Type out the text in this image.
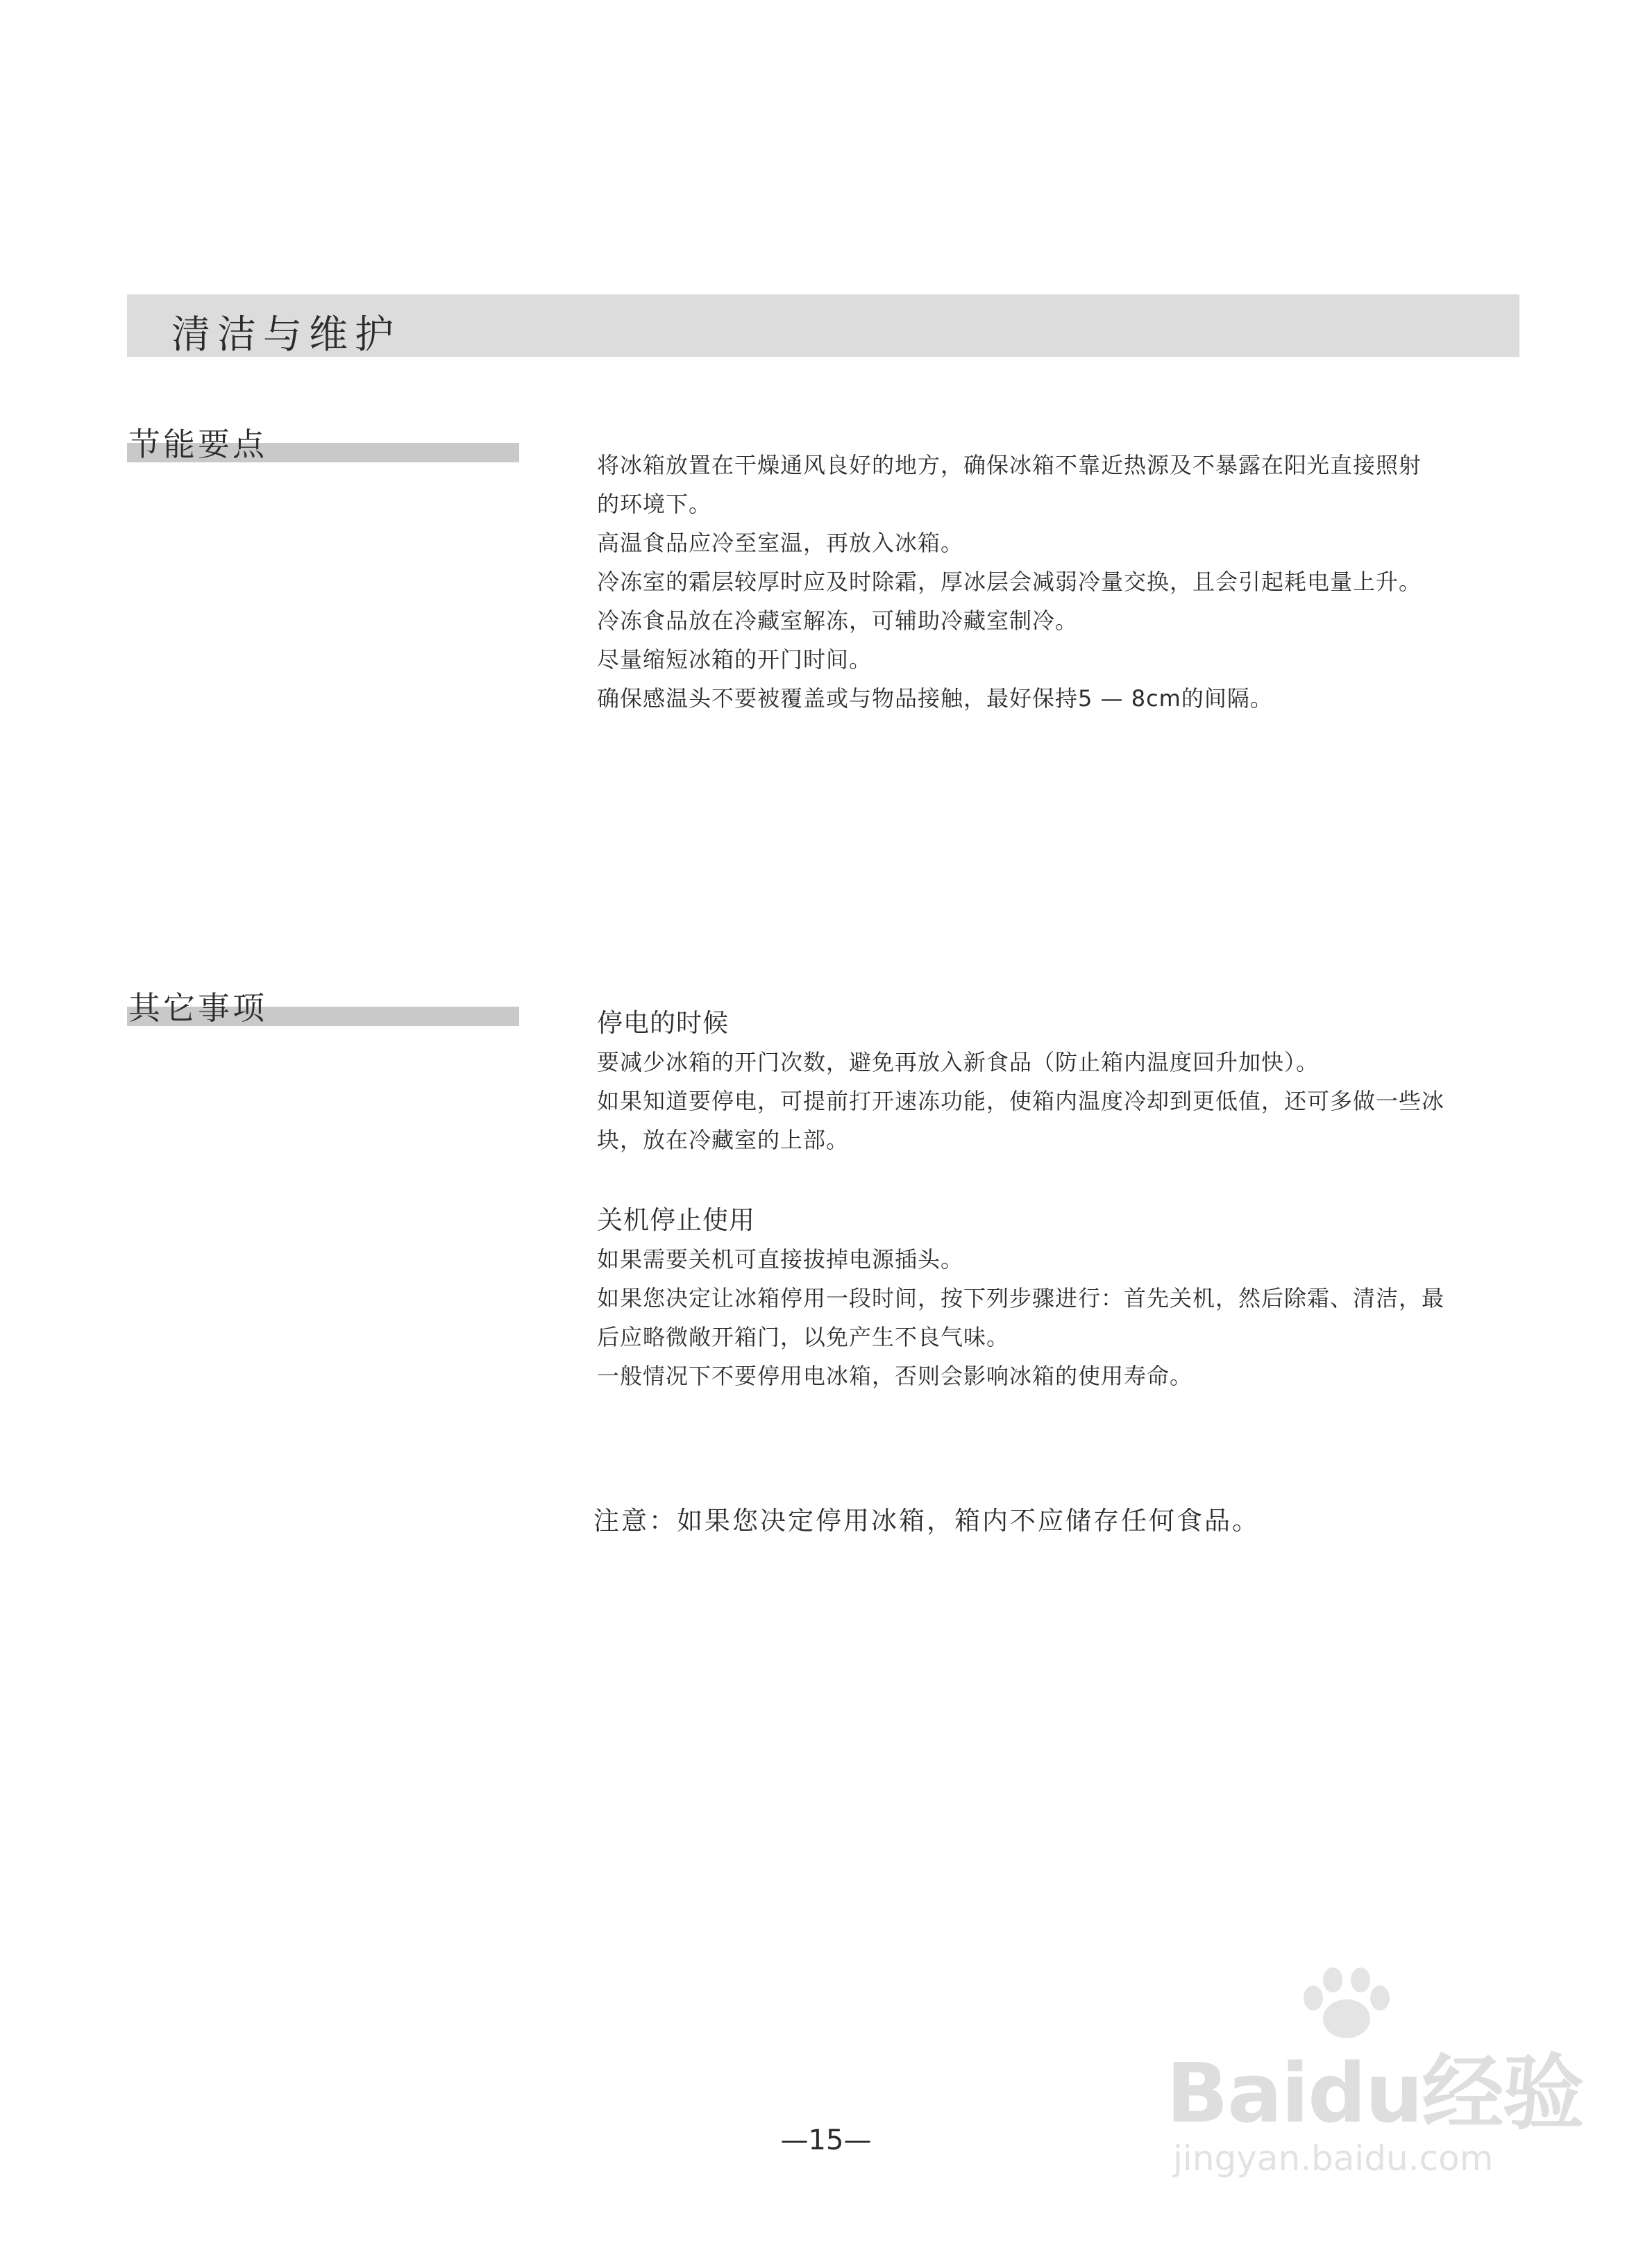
清洁与维护
节能要点

将冰箱放置在干燥通风良好的地方，确保冰箱不靠近热源及不暴露在阳光直接照射

的环境下。

高温食品应冷至室温，再放入冰箱。

冷冻室的霜层较厚时应及时除霜，厚冰层会减弱冷量交换，且会引起耗电量上升。

冷冻食品放在冷藏室解冻，可辅助冷藏室制冷。

尽量缩短冰箱的开门时间。

确保感温头不要被覆盖或与物品接触，最好保持5 — 8cm的间隔。

其它事项	停电的时候

要减少冰箱的开门次数，避免再放入新食品（防止箱内温度回升加快）。

如果知道要停电，可提前打开速冻功能，使箱内温度冷却到更低值，还可多做一些冰

块，放在冷藏室的上部。

关机停止使用

如果需要关机可直接拔掉电源插头。

如果您决定让冰箱停用一段时间，按下列步骤进行：首先关机，然后除霜、清洁，最

后应略微敞开箱门，以免产生不良气味。

一般情况下不要停用电冰箱，否则会影响冰箱的使用寿命。

注意：如果您决定停用冰箱，箱内不应储存任何食品。
—15—	Baidu经验
jingyan.baidu.com
